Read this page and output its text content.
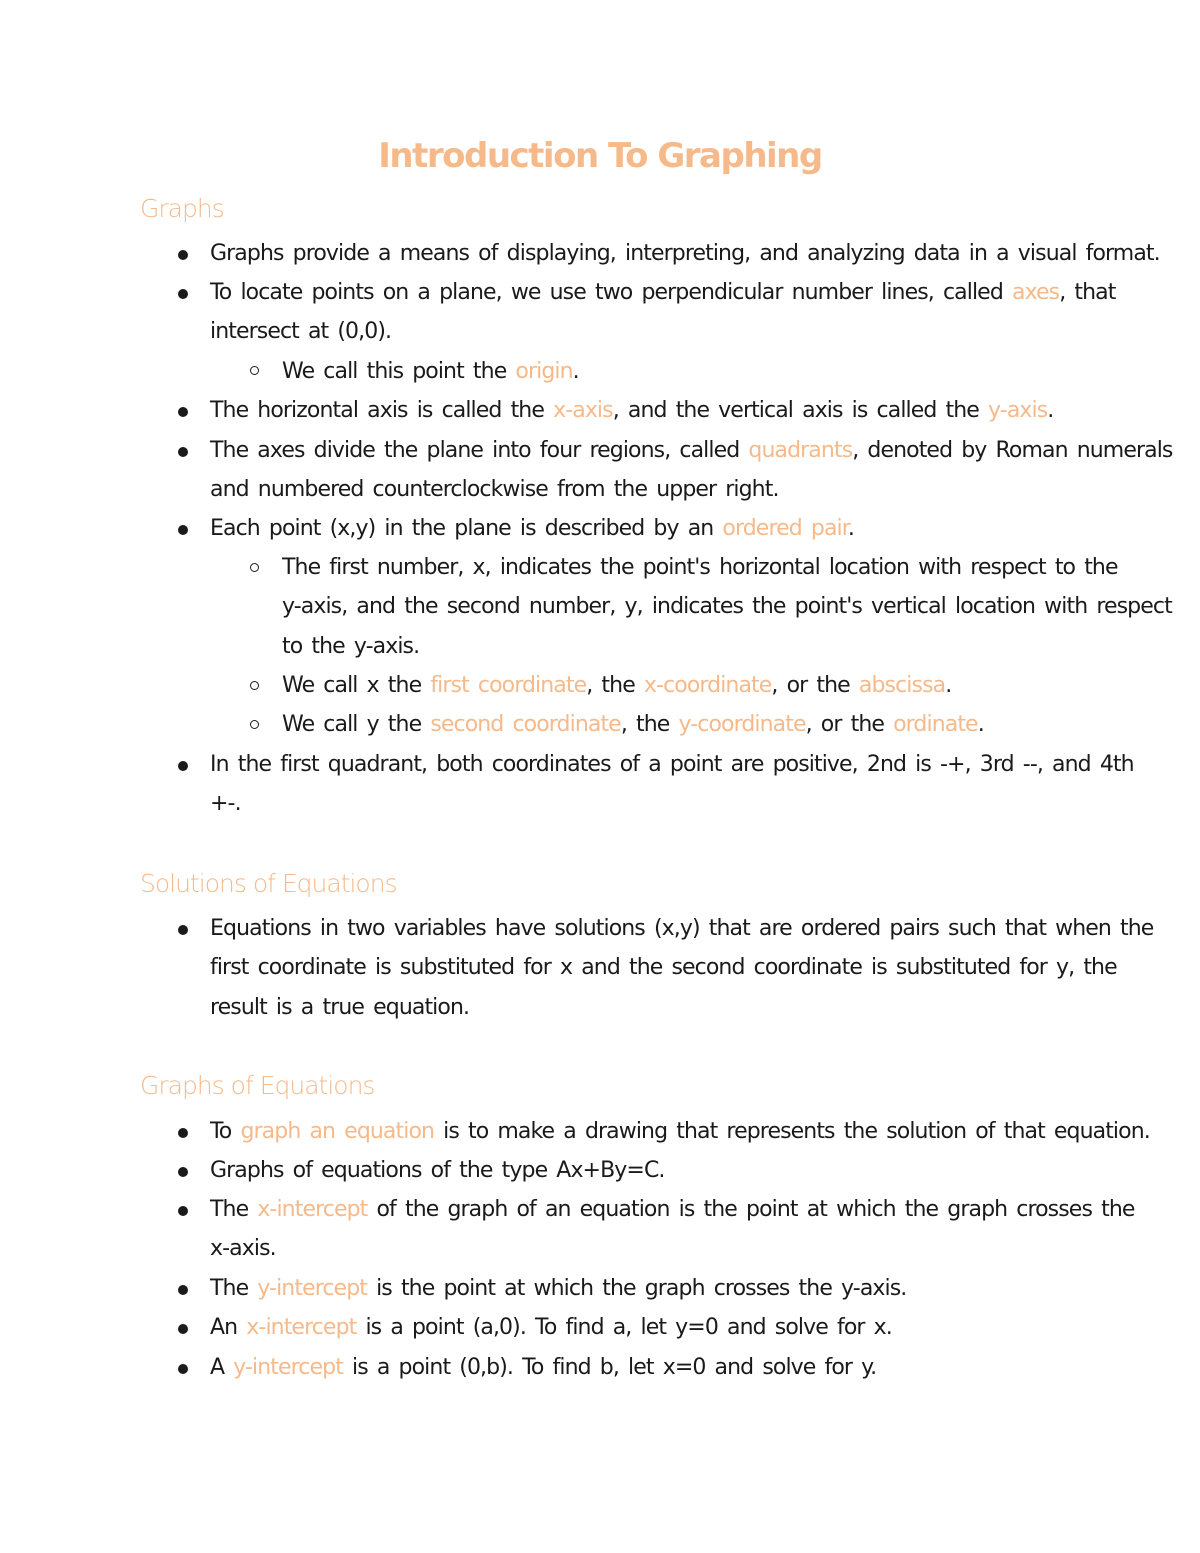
Introduction To Graphing
Graphs
Graphs provide a means of displaying, interpreting, and analyzing data in a visual format.
To locate points on a plane, we use two perpendicular number lines, called axes, that
intersect at (0,0).
We call this point the origin.
The horizontal axis is called the x-axis, and the vertical axis is called the y-axis.
The axes divide the plane into four regions, called quadrants, denoted by Roman numerals
and numbered counterclockwise from the upper right.
Each point (x,y) in the plane is described by an ordered pair.
The first number, x, indicates the point's horizontal location with respect to the
y-axis, and the second number, y, indicates the point's vertical location with respect
to the y-axis.
We call x the first coordinate, the x-coordinate, or the abscissa.
We call y the second coordinate, the y-coordinate, or the ordinate.
In the first quadrant, both coordinates of a point are positive, 2nd is -+, 3rd --, and 4th
+-.
Solutions of Equations
Equations in two variables have solutions (x,y) that are ordered pairs such that when the
first coordinate is substituted for x and the second coordinate is substituted for y, the
result is a true equation.
Graphs of Equations
To graph an equation is to make a drawing that represents the solution of that equation.
Graphs of equations of the type Ax+By=C.
The x-intercept of the graph of an equation is the point at which the graph crosses the
x-axis.
The y-intercept is the point at which the graph crosses the y-axis.
An x-intercept is a point (a,0). To find a, let y=0 and solve for x.
A y-intercept is a point (0,b). To find b, let x=0 and solve for y.
